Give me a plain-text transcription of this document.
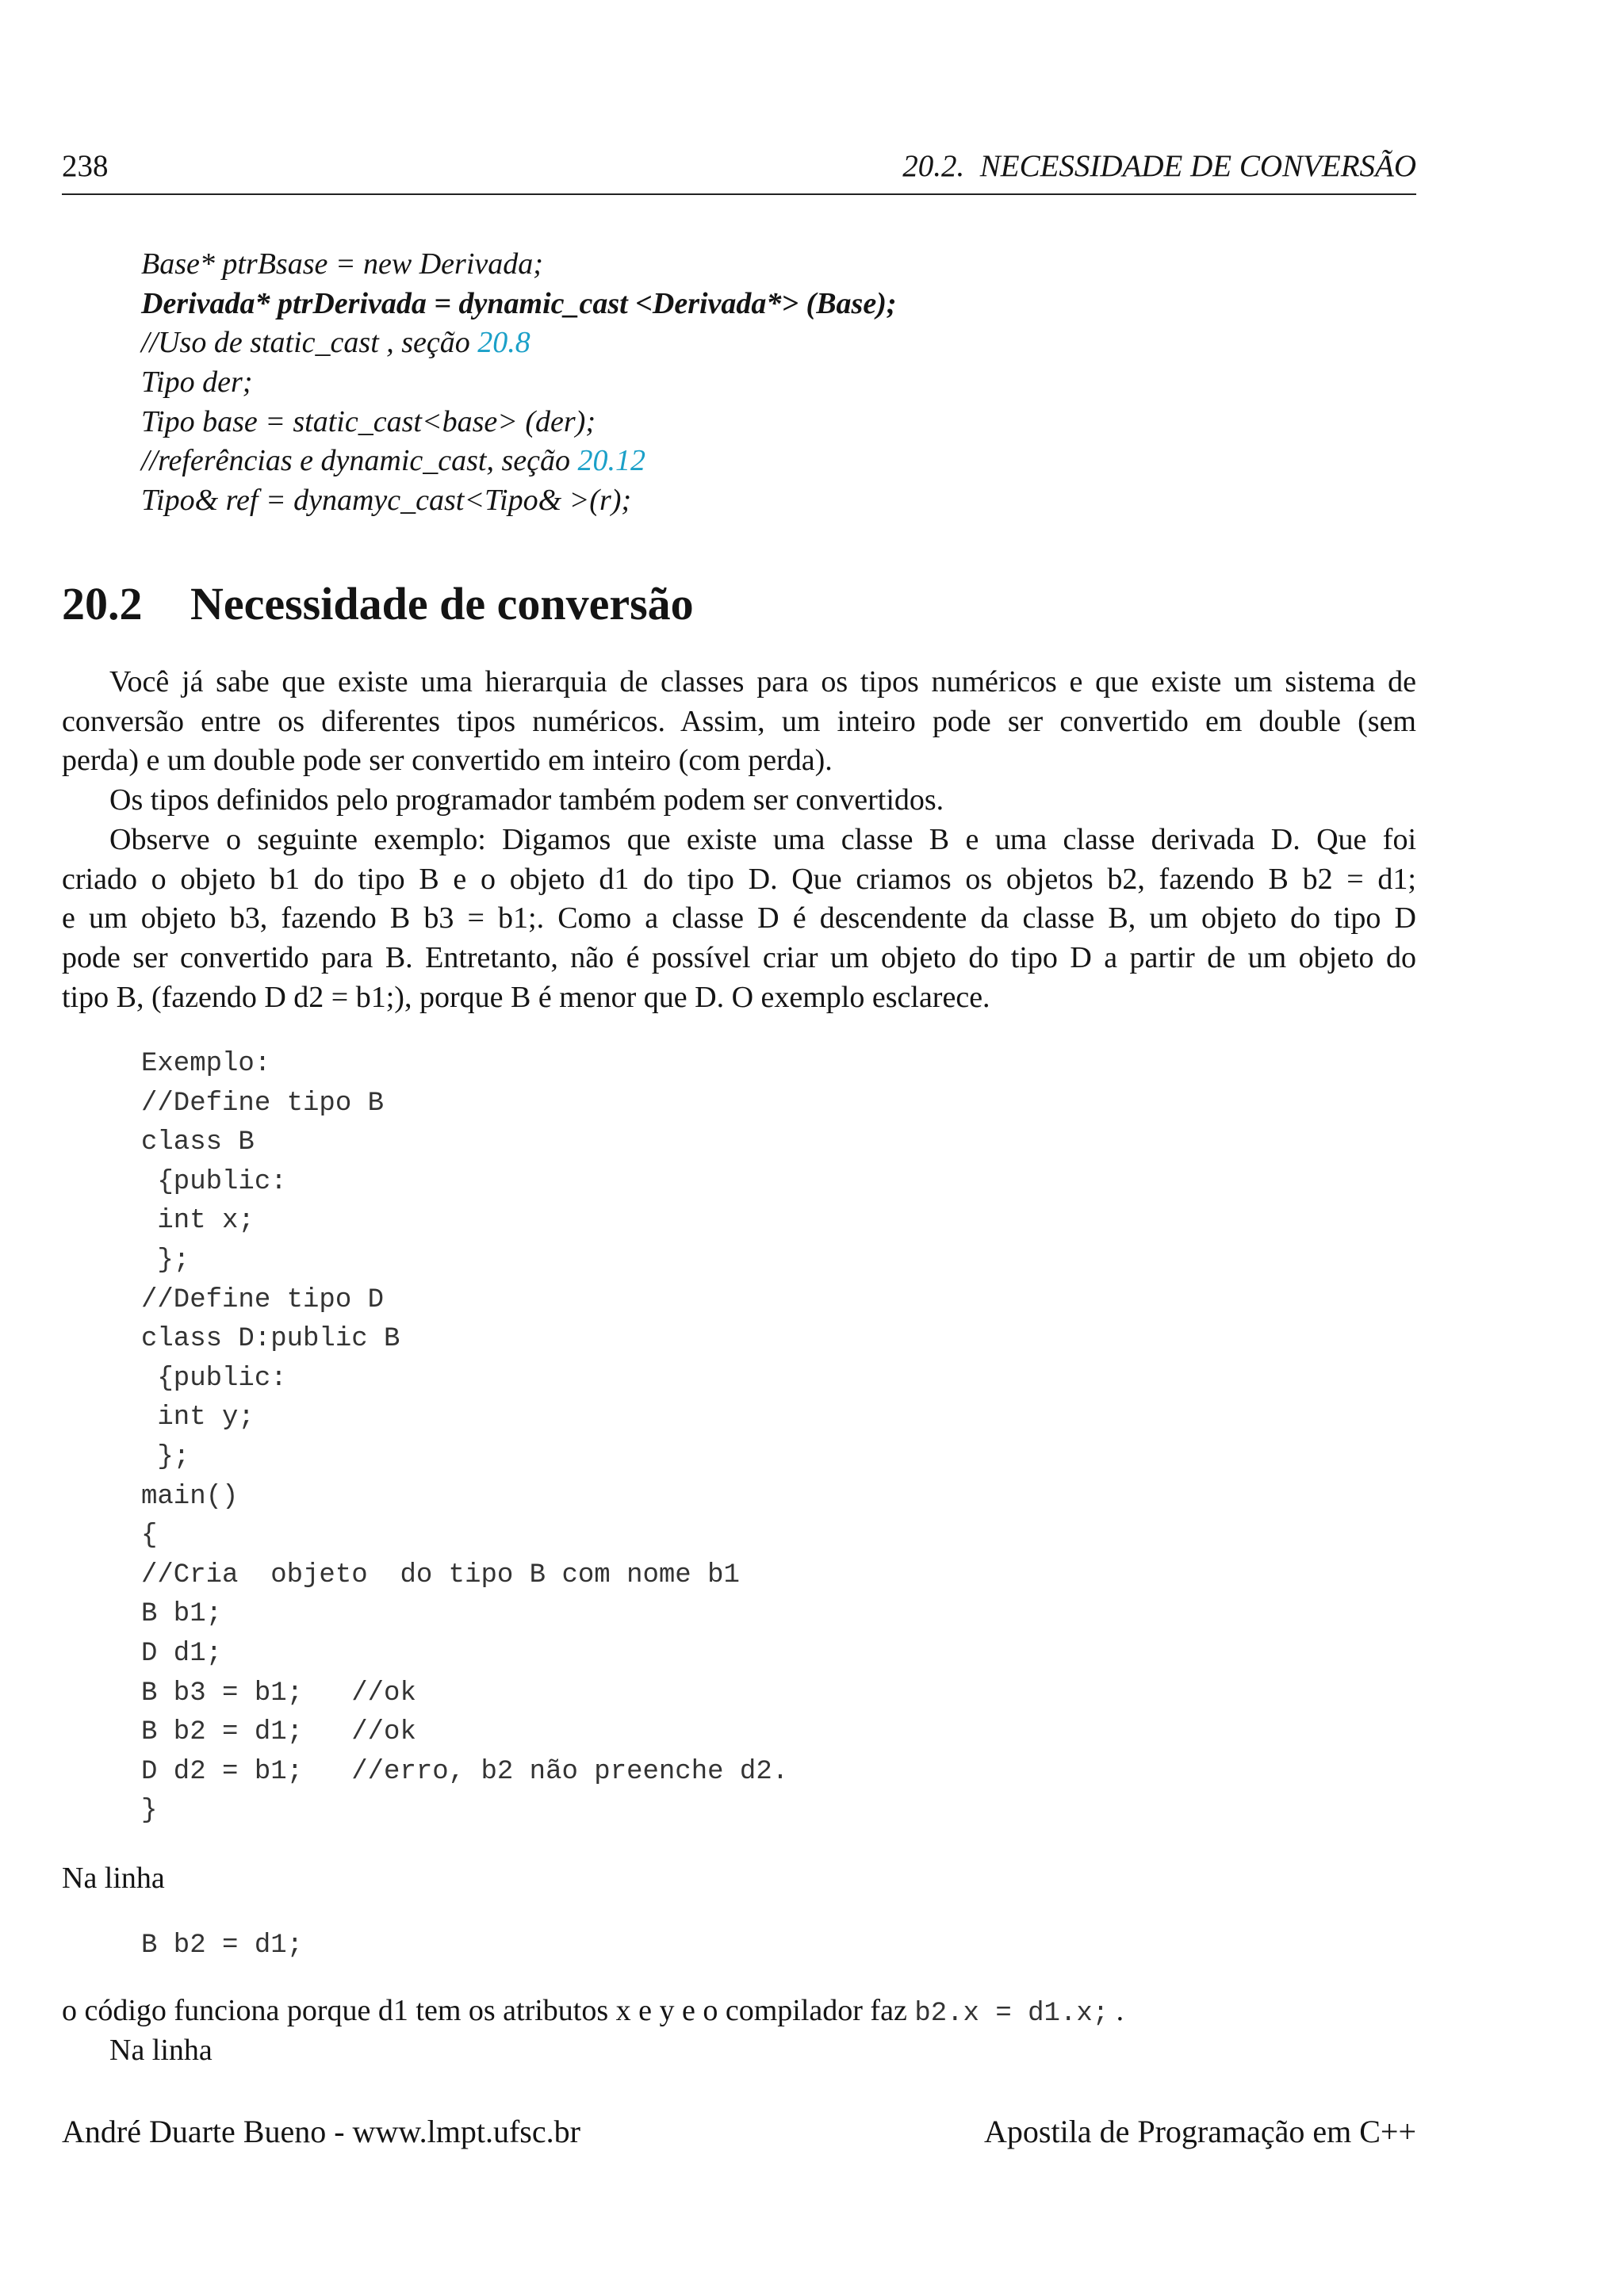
238	20.2.  NECESSIDADE DE CONVERSÃO
Base* ptrBsase = new Derivada;
Derivada* ptrDerivada = dynamic_cast <Derivada*> (Base);
//Uso de static_cast , seção 20.8
Tipo der;
Tipo base = static_cast<base> (der);
//referências e dynamic_cast, seção 20.12
Tipo& ref = dynamyc_cast<Tipo& >(r);
20.2 Necessidade de conversão
Você já sabe que existe uma hierarquia de classes para os tipos numéricos e que existe um sistema de
conversão entre os diferentes tipos numéricos. Assim, um inteiro pode ser convertido em double (sem
perda) e um double pode ser convertido em inteiro (com perda).
Os tipos definidos pelo programador também podem ser convertidos.
Observe o seguinte exemplo: Digamos que existe uma classe B e uma classe derivada D. Que foi
criado o objeto b1 do tipo B e o objeto d1 do tipo D. Que criamos os objetos b2, fazendo B b2 = d1;
e um objeto b3, fazendo B b3 = b1;. Como a classe D é descendente da classe B, um objeto do tipo D
pode ser convertido para B. Entretanto, não é possível criar um objeto do tipo D a partir de um objeto do
tipo B, (fazendo D d2 = b1;), porque B é menor que D. O exemplo esclarece.
Exemplo:
//Define tipo B
class B
{public:
int x;
};
//Define tipo D
class D:public B
{public:
int y;
};
main()
{
//Cria  objeto  do tipo B com nome b1
B b1;
D d1;
B b3 = b1;   //ok
B b2 = d1;   //ok
D d2 = b1;   //erro, b2 não preenche d2.
}
Na linha
B b2 = d1;
o código funciona porque d1 tem os atributos x e y e o compilador faz b2.x = d1.x; .
Na linha
André Duarte Bueno - www.lmpt.ufsc.br	Apostila de Programação em C++
